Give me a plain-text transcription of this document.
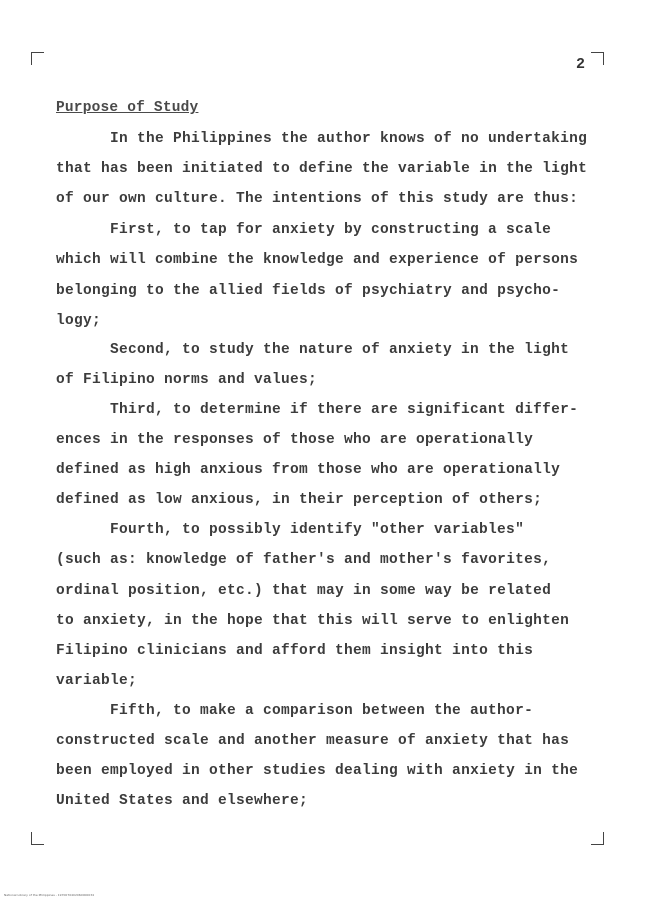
2
Purpose of Study
In the Philippines the author knows of no undertaking
that has been initiated to define the variable in the light
of our own culture. The intentions of this study are thus:
First, to tap for anxiety by constructing a scale
which will combine the knowledge and experience of persons
belonging to the allied fields of psychiatry and psycho-
logy;
Second, to study the nature of anxiety in the light
of Filipino norms and values;
Third, to determine if there are significant differ-
ences in the responses of those who are operationally
defined as high anxious from those who are operationally
defined as low anxious, in their perception of others;
Fourth, to possibly identify "other variables"
(such as: knowledge of father's and mother's favorites,
ordinal position, etc.) that may in some way be related
to anxiety, in the hope that this will serve to enlighten
Filipino clinicians and afford them insight into this
variable;
Fifth, to make a comparison between the author-
constructed scale and another measure of anxiety that has
been employed in other studies dealing with anxiety in the
United States and elsewhere;
National Library of the Philippines - 1970070402060000034
